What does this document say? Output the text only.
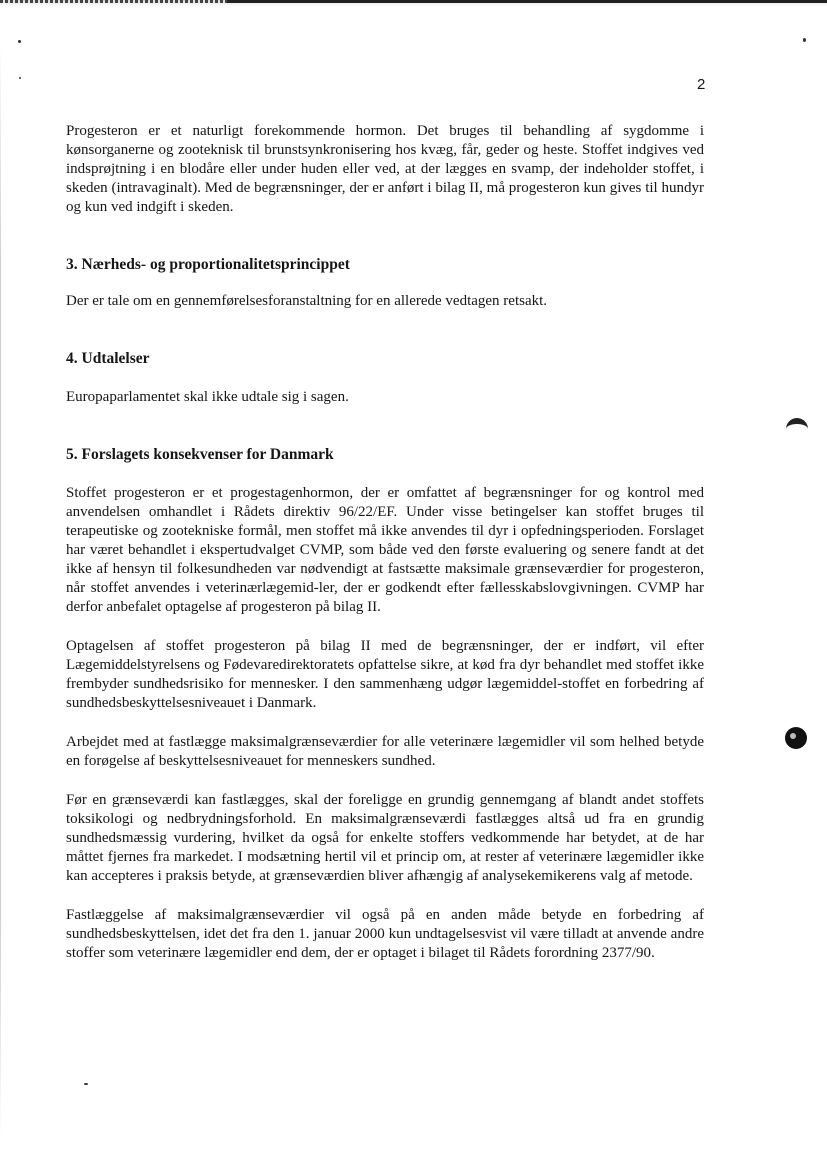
2

Progesteron er et naturligt forekommende hormon. Det bruges til behandling af sygdomme i kønsorganerne og zooteknisk til brunstsynkronisering hos kvæg, får, geder og heste. Stoffet indgives ved indsprøjtning i en blodåre eller under huden eller ved, at der lægges en svamp, der indeholder stoffet, i skeden (intravaginalt). Med de begrænsninger, der er anført i bilag II, må progesteron kun gives til hundyr og kun ved indgift i skeden.

3. Nærheds- og proportionalitetsprincippet

Der er tale om en gennemførelsesforanstaltning for en allerede vedtagen retsakt.

4. Udtalelser

Europaparlamentet skal ikke udtale sig i sagen.

5. Forslagets konsekvenser for Danmark

Stoffet progesteron er et progestagenhormon, der er omfattet af begrænsninger for og kontrol med anvendelsen omhandlet i Rådets direktiv 96/22/EF. Under visse betingelser kan stoffet bruges til terapeutiske og zootekniske formål, men stoffet må ikke anvendes til dyr i opfedningsperioden. Forslaget har været behandlet i ekspertudvalget CVMP, som både ved den første evaluering og senere fandt at det ikke af hensyn til folkesundheden var nødvendigt at fastsætte maksimale grænseværdier for progesteron, når stoffet anvendes i veterinærlægemid-ler, der er godkendt efter fællesskabslovgivningen. CVMP har derfor anbefalet optagelse af progesteron på bilag II.

Optagelsen af stoffet progesteron på bilag II med de begrænsninger, der er indført, vil efter Lægemiddelstyrelsens og Fødevaredirektoratets opfattelse sikre, at kød fra dyr behandlet med stoffet ikke frembyder sundhedsrisiko for mennesker. I den sammenhæng udgør lægemiddel-stoffet en forbedring af sundhedsbeskyttelsesniveauet i Danmark.

Arbejdet med at fastlægge maksimalgrænseværdier for alle veterinære lægemidler vil som helhed betyde en forøgelse af beskyttelsesniveauet for menneskers sundhed.

Før en grænseværdi kan fastlægges, skal der foreligge en grundig gennemgang af blandt andet stoffets toksikologi og nedbrydningsforhold. En maksimalgrænseværdi fastlægges altså ud fra en grundig sundhedsmæssig vurdering, hvilket da også for enkelte stoffers vedkommende har betydet, at de har måttet fjernes fra markedet. I modsætning hertil vil et princip om, at rester af veterinære lægemidler ikke kan accepteres i praksis betyde, at grænseværdien bliver afhængig af analysekemikerens valg af metode.

Fastlæggelse af maksimalgrænseværdier vil også på en anden måde betyde en forbedring af sundhedsbeskyttelsen, idet det fra den 1. januar 2000 kun undtagelsesvist vil være tilladt at anvende andre stoffer som veterinære lægemidler end dem, der er optaget i bilaget til Rådets forordning 2377/90.
